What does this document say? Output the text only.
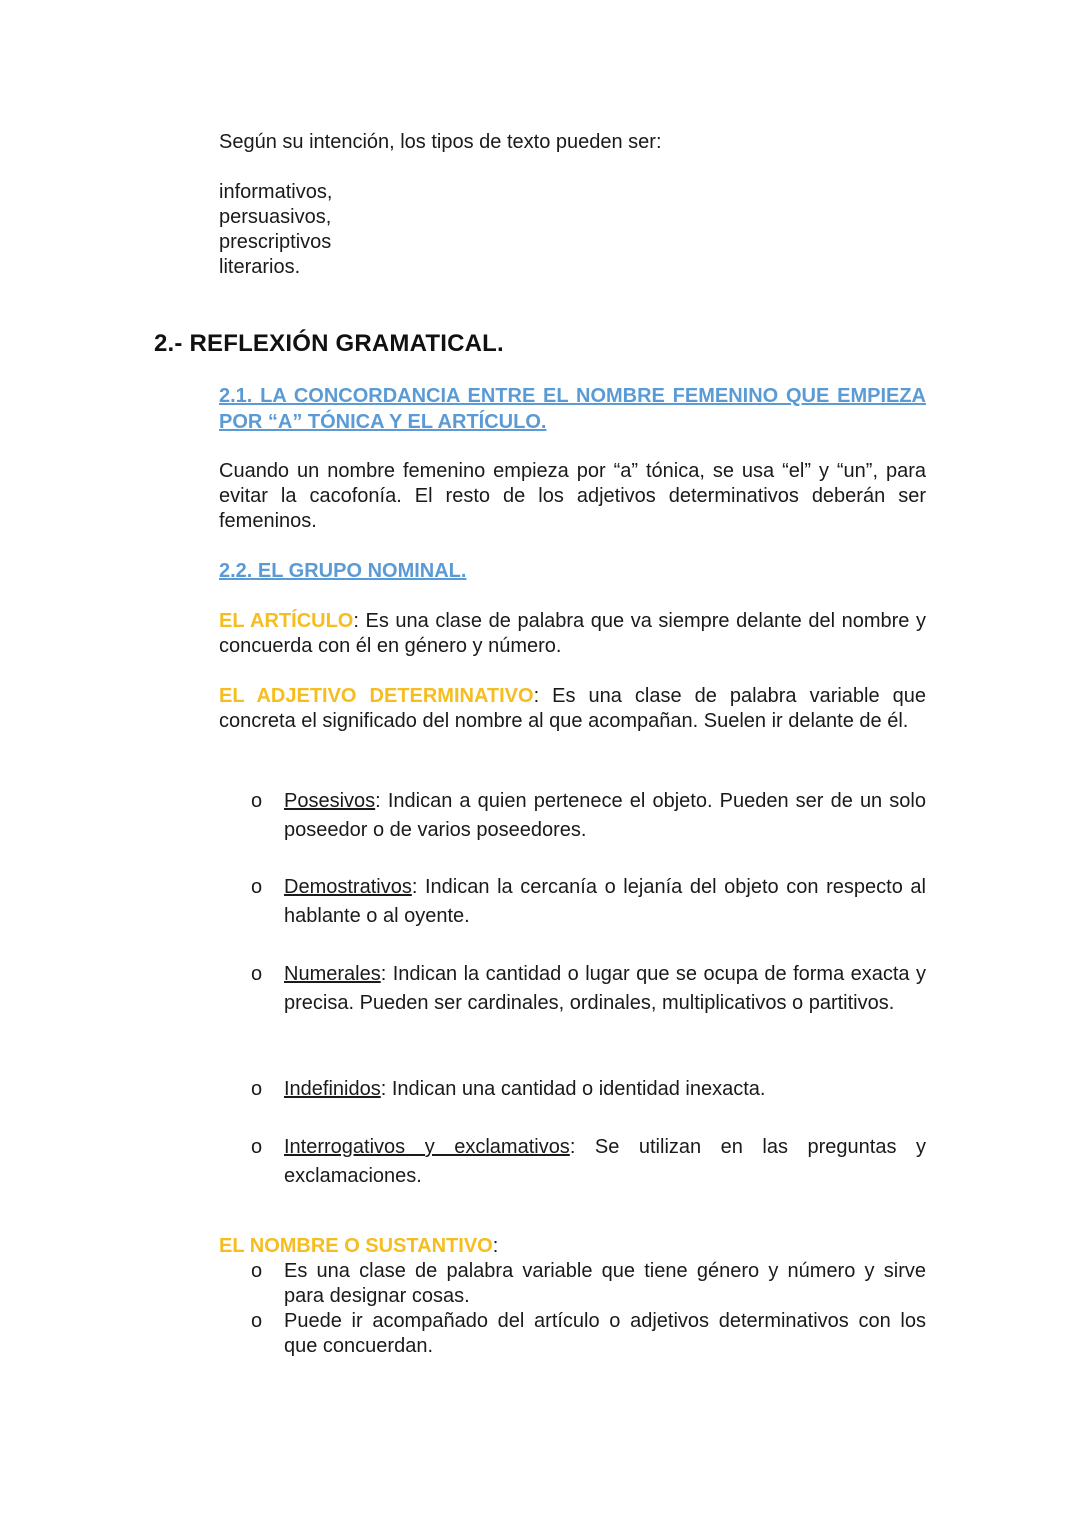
Según su intención, los tipos de texto pueden ser:
informativos,
persuasivos,
prescriptivos
literarios.
2.- REFLEXIÓN GRAMATICAL.
2.1. LA CONCORDANCIA ENTRE EL NOMBRE FEMENINO QUE EMPIEZA POR “A” TÓNICA Y EL ARTÍCULO.
Cuando un nombre femenino empieza por “a” tónica, se usa “el” y “un”, para evitar la cacofonía. El resto de los adjetivos determinativos deberán ser femeninos.
2.2. EL GRUPO NOMINAL.
EL ARTÍCULO: Es una clase de palabra que va siempre delante del nombre y concuerda con él en género y número.
EL ADJETIVO DETERMINATIVO: Es una clase de palabra variable que concreta el significado del nombre al que acompañan. Suelen ir delante de él.
o Posesivos: Indican a quien pertenece el objeto. Pueden ser de un solo poseedor o de varios poseedores.
o Demostrativos: Indican la cercanía o lejanía del objeto con respecto al hablante o al oyente.
o Numerales: Indican la cantidad o lugar que se ocupa de forma exacta y precisa. Pueden ser cardinales, ordinales, multiplicativos o partitivos.
o Indefinidos: Indican una cantidad o identidad inexacta.
o Interrogativos y exclamativos: Se utilizan en las preguntas y exclamaciones.
EL NOMBRE O SUSTANTIVO:
o Es una clase de palabra variable que tiene género y número y sirve para designar cosas.
o Puede ir acompañado del artículo o adjetivos determinativos con los que concuerdan.
